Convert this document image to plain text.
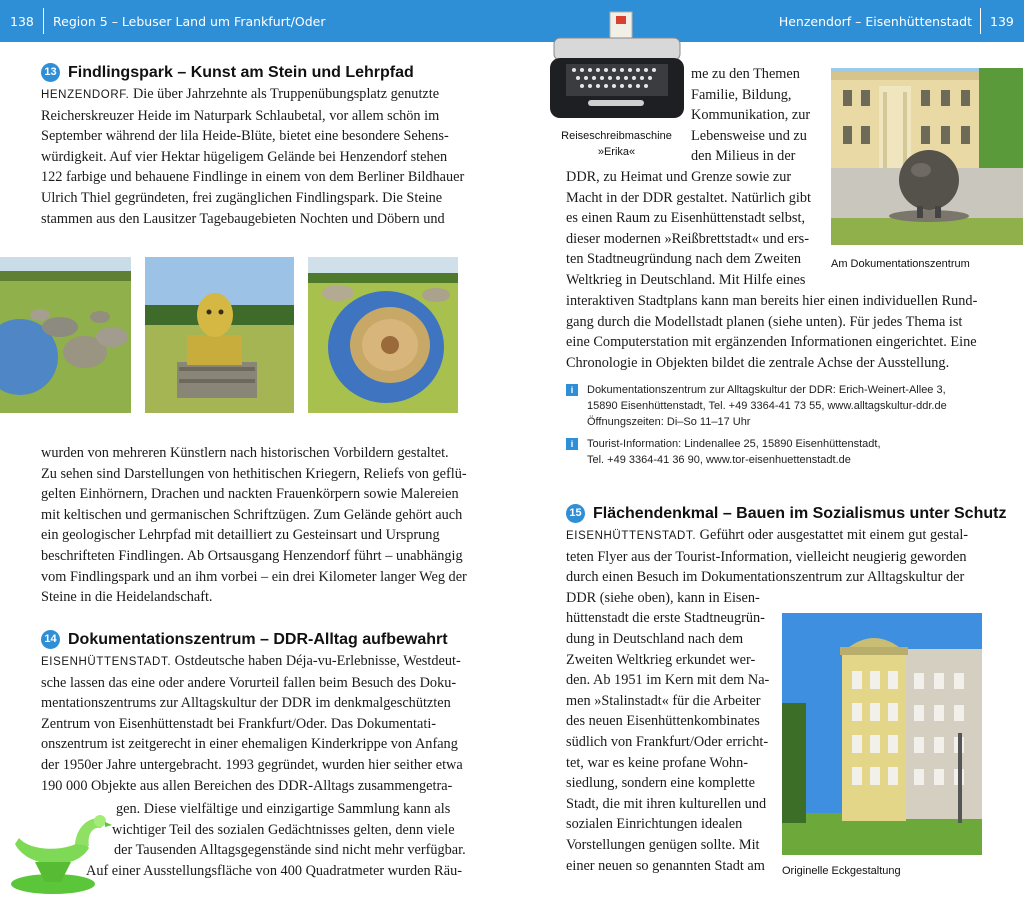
138 Region 5 – Lebuser Land um Frankfurt/Oder	Henzendorf – Eisenhüttenstadt 139
13 Findlingspark – Kunst am Stein und Lehrpfad
HENZENDORF. Die über Jahrzehnte als Truppenübungsplatz genutzte
Reicherskreuzer Heide im Naturpark Schlaubetal, vor allem schön im
September während der lila Heide-Blüte, bietet eine besondere Sehens-
würdigkeit. Auf vier Hektar hügeligem Gelände bei Henzendorf stehen
122 farbige und behauene Findlinge in einem von dem Berliner Bildhauer
Ulrich Thiel gegründeten, frei zugänglichen Findlingspark. Die Steine
stammen aus den Lausitzer Tagebaugebieten Nochten und Döbern und
wurden von mehreren Künstlern nach historischen Vorbildern gestaltet.
Zu sehen sind Darstellungen von hethitischen Kriegern, Reliefs von geflü-
gelten Einhörnern, Drachen und nackten Frauenkörpern sowie Malereien
mit keltischen und germanischen Schriftzügen. Zum Gelände gehört auch
ein geologischer Lehrpfad mit detailliert zu Gesteinsart und Ursprung
beschrifteten Findlingen. Ab Ortsausgang Henzendorf führt – unabhängig
vom Findlingspark und an ihm vorbei – ein drei Kilometer langer Weg der
Steine in die Heidelandschaft.
14 Dokumentationszentrum – DDR-Alltag aufbewahrt
EISENHÜTTENSTADT. Ostdeutsche haben Déja-vu-Erlebnisse, Westdeut-
sche lassen das eine oder andere Vorurteil fallen beim Besuch des Doku-
mentationszentrums zur Alltagskultur der DDR im denkmalgeschützten
Zentrum von Eisenhüttenstadt bei Frankfurt/Oder. Das Dokumentati-
onszentrum ist zeitgerecht in einer ehemaligen Kinderkrippe von Anfang
der 1950er Jahre untergebracht. 1993 gegründet, wurden hier seither etwa
190 000 Objekte aus allen Bereichen des DDR-Alltags zusammengetra-
gen. Diese vielfältige und einzigartige Sammlung kann als
wichtiger Teil des sozialen Gedächtnisses gelten, denn viele
der Tausenden Alltagsgegenstände sind nicht mehr verfügbar.
Auf einer Ausstellungsfläche von 400 Quadratmeter wurden Räu-
Reiseschreibmaschine
»Erika«
me zu den Themen
Familie, Bildung,
Kommunikation, zur
Lebensweise und zu
den Milieus in der
DDR, zu Heimat und Grenze sowie zur
Macht in der DDR gestaltet. Natürlich gibt
es einen Raum zu Eisenhüttenstadt selbst,
dieser modernen »Reißbrettstadt« und ers-
ten Stadtneugründung nach dem Zweiten
Weltkrieg in Deutschland. Mit Hilfe eines
interaktiven Stadtplans kann man bereits hier einen individuellen Rund-
gang durch die Modellstadt planen (siehe unten). Für jedes Thema ist
eine Computerstation mit ergänzenden Informationen eingerichtet. Eine
Chronologie in Objekten bildet die zentrale Achse der Ausstellung.
Am Dokumentationszentrum
i	Dokumentationszentrum zur Alltagskultur der DDR: Erich-Weinert-Allee 3,
15890 Eisenhüttenstadt, Tel. +49 3364-41 73 55, www.alltagskultur-ddr.de
Öffnungszeiten: Di–So 11–17 Uhr
i	Tourist-Information: Lindenallee 25, 15890 Eisenhüttenstadt,
Tel. +49 3364-41 36 90, www.tor-eisenhuettenstadt.de
15 Flächendenkmal – Bauen im Sozialismus unter Schutz
EISENHÜTTENSTADT. Geführt oder ausgestattet mit einem gut gestal-
teten Flyer aus der Tourist-Information, vielleicht neugierig geworden
durch einen Besuch im Dokumentationszentrum zur Alltagskultur der
DDR (siehe oben), kann in Eisen-
hüttenstadt die erste Stadtneugrün-
dung in Deutschland nach dem
Zweiten Weltkrieg erkundet wer-
den. Ab 1951 im Kern mit dem Na-
men »Stalinstadt« für die Arbeiter
des neuen Eisenhüttenkombinates
südlich von Frankfurt/Oder erricht-
tet, war es keine profane Wohn-
siedlung, sondern eine komplette
Stadt, die mit ihren kulturellen und
sozialen Einrichtungen idealen
Vorstellungen genügen sollte. Mit
einer neuen so genannten Stadt am	Originelle Eckgestaltung
